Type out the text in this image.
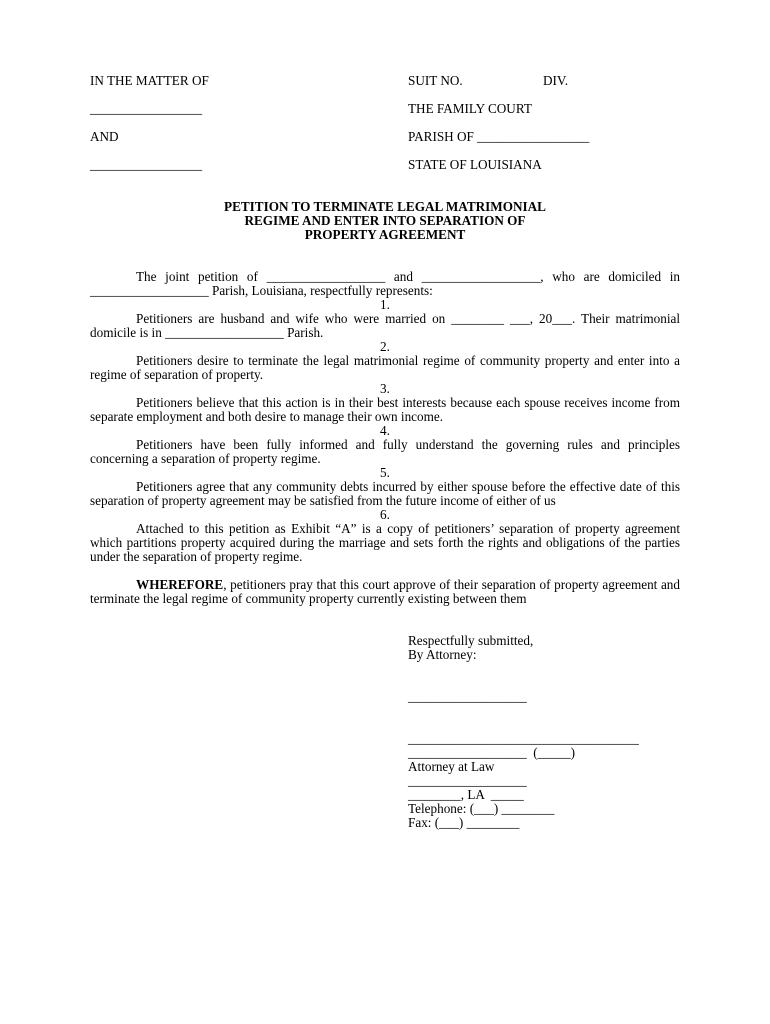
IN THE MATTER OF
_________________
AND
_________________
SUIT NO.	DIV.
THE FAMILY COURT
PARISH OF _________________
STATE OF LOUISIANA
PETITION TO TERMINATE LEGAL MATRIMONIAL
REGIME AND ENTER INTO SEPARATION OF
PROPERTY AGREEMENT

The joint petition of __________________ and __________________, who are domiciled in __________________ Parish, Louisiana, respectfully represents:

1.

Petitioners are husband and wife who were married on ________ ___, 20___. Their matrimonial domicile is in __________________ Parish.

2.

Petitioners desire to terminate the legal matrimonial regime of community property and enter into a regime of separation of property.

3.

Petitioners believe that this action is in their best interests because each spouse receives income from separate employment and both desire to manage their own income.

4.

Petitioners have been fully informed and fully understand the governing rules and principles concerning a separation of property regime.

5.

Petitioners agree that any community debts incurred by either spouse before the effective date of this separation of property agreement may be satisfied from the future income of either of us

6.

Attached to this petition as Exhibit “A” is a copy of petitioners’ separation of property agreement which partitions property acquired during the marriage and sets forth the rights and obligations of the parties under the separation of property regime.

WHEREFORE, petitioners pray that this court approve of their separation of property agreement and terminate the legal regime of community property currently existing between them

Respectfully submitted,
By Attorney:
__________________
___________________________________
__________________  (_____)
Attorney at Law
__________________
________, LA  _____
Telephone: (___) ________
Fax: (___) ________
